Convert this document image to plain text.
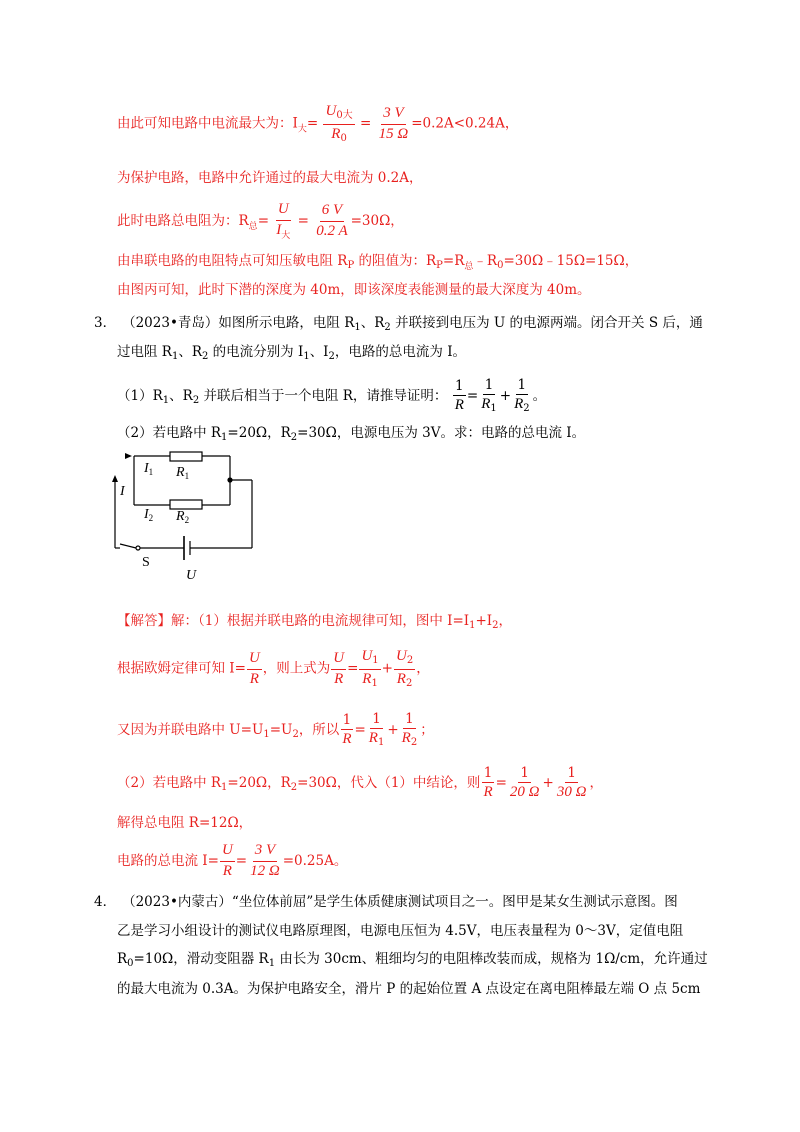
由此可知电路中电流最大为：$I_大= \frac{U_{0大}}{R_0} = \frac{3 V}{15 \Omega} =0.2A<0.24A$，
为保护电路，电路中允许通过的最大电流为 0.2A，
此时电路总电阻为：$R_总= \frac{U}{I_大} = \frac{6 V}{0.2 A} =30\Omega$，
由串联电路的电阻特点可知压敏电阻 $R_P$ 的阻值为：$R_P=R_总﹣R_0=30\Omega﹣15\Omega=15\Omega$，
由图丙可知，此时下潜的深度为 40m，即该深度表能测量的最大深度为 40m。
3． （2023•青岛）如图所示电路，电阻 $R_1$、$R_2$ 并联接到电压为 U 的电源两端。闭合开关 S 后，通
过电阻 $R_1$、$R_2$ 的电流分别为 $I_1$、$I_2$，电路的总电流为 I。
$(1)R_1$、$R_2$ 并联后相当于一个电阻 R，请推导证明： $\frac{1}{R} = \frac{1}{R_1} + \frac{1}{R_2}$ 。
（2）若电路中 $R_1=20\Omega$，$R_2=30\Omega$，电源电压为 3V。求：电路的总电流 I。
$I_1$ $R_1$
I
$I_2$ $R_2$
S
U
【解答】解：（1）根据并联电路的电流规律可知，图中 $I=I_1+I_2$，
根据欧姆定律可知 $I= \frac{U}{R}$ ，则上式为 $\frac{U}{R} = \frac{U_1}{R_1} + \frac{U_2}{R_2}$ ，
又因为并联电路中 $U=U_1=U_2$，所以 $\frac{1}{R} = \frac{1}{R_1} + \frac{1}{R_2}$ ；
（2）若电路中 $R_1=20\Omega$，$R_2=30\Omega$，代入（1）中结论，则 $\frac{1}{R} = \frac{1}{20 \Omega} + \frac{1}{30 \Omega}$ ，
解得总电阻 R=12Ω，
电路的总电流 $I= \frac{U}{R} = \frac{3 V}{12 \Omega} =0.25A$。
4． （2023•内蒙古）“坐位体前屈”是学生体质健康测试项目之一。图甲是某女生测试示意图。图
乙是学习小组设计的测试仪电路原理图，电源电压恒为 4.5V，电压表量程为 0～3V，定值电阻
$R_0=10\Omega$，滑动变阻器 $R_1$ 由长为 30cm、粗细均匀的电阻棒改装而成，规格为 1Ω/cm，允许通过
的最大电流为 0.3A。为保护电路安全，滑片 P 的起始位置 A 点设定在离电阻棒最左端 O 点 5cm
